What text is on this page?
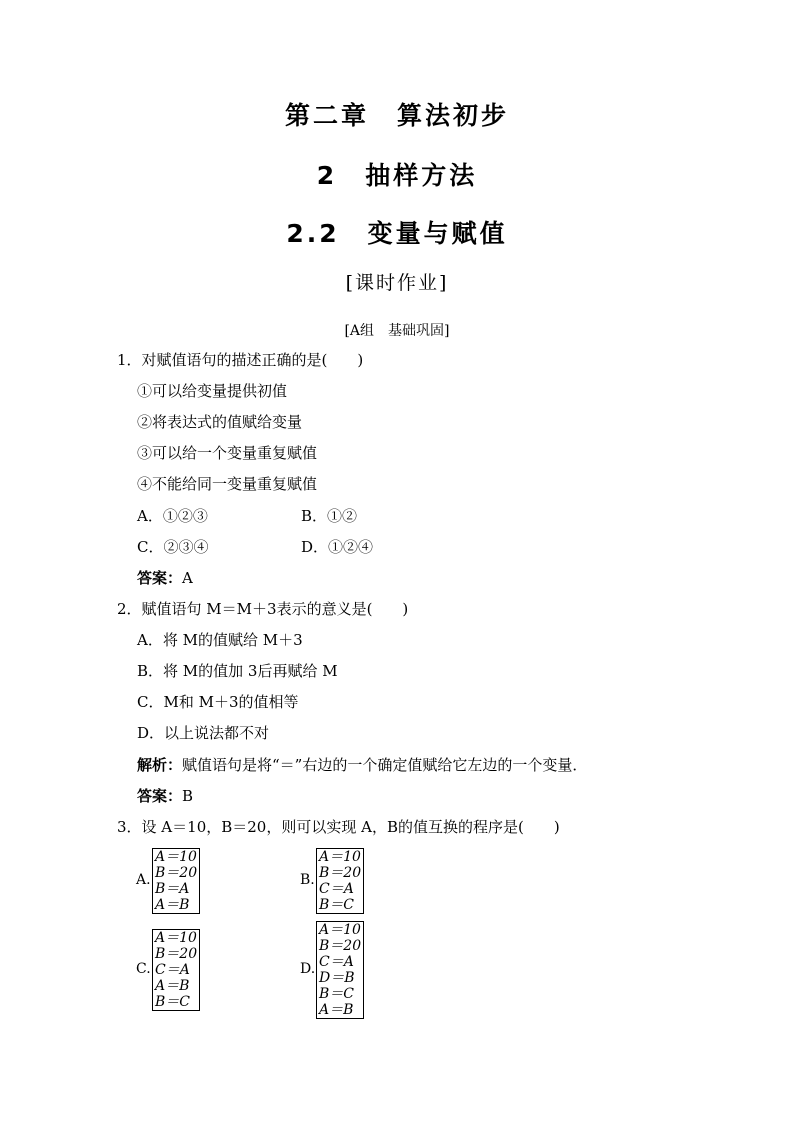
第二章　算法初步
2　抽样方法
2.2　变量与赋值
[课时作业]
[A组　基础巩固]
1．对赋值语句的描述正确的是(　　)
①可以给变量提供初值
②将表达式的值赋给变量
③可以给一个变量重复赋值
④不能给同一变量重复赋值
A．①②③	B．①②
C．②③④	D．①②④
答案：A
2．赋值语句 M＝M＋3表示的意义是(　　)
A．将 M的值赋给 M＋3
B．将 M的值加 3后再赋给 M
C．M和 M＋3的值相等
D．以上说法都不对
解析：赋值语句是将“＝”右边的一个确定值赋给它左边的一个变量．
答案：B
3．设 A＝10，B＝20，则可以实现 A，B的值互换的程序是(　　)
A.
A＝10
B＝20
B＝A
A＝B
B.
A＝10
B＝20
C＝A
B＝C
C.
A＝10
B＝20
C＝A
A＝B
B＝C
D.
A＝10
B＝20
C＝A
D＝B
B＝C
A＝B
